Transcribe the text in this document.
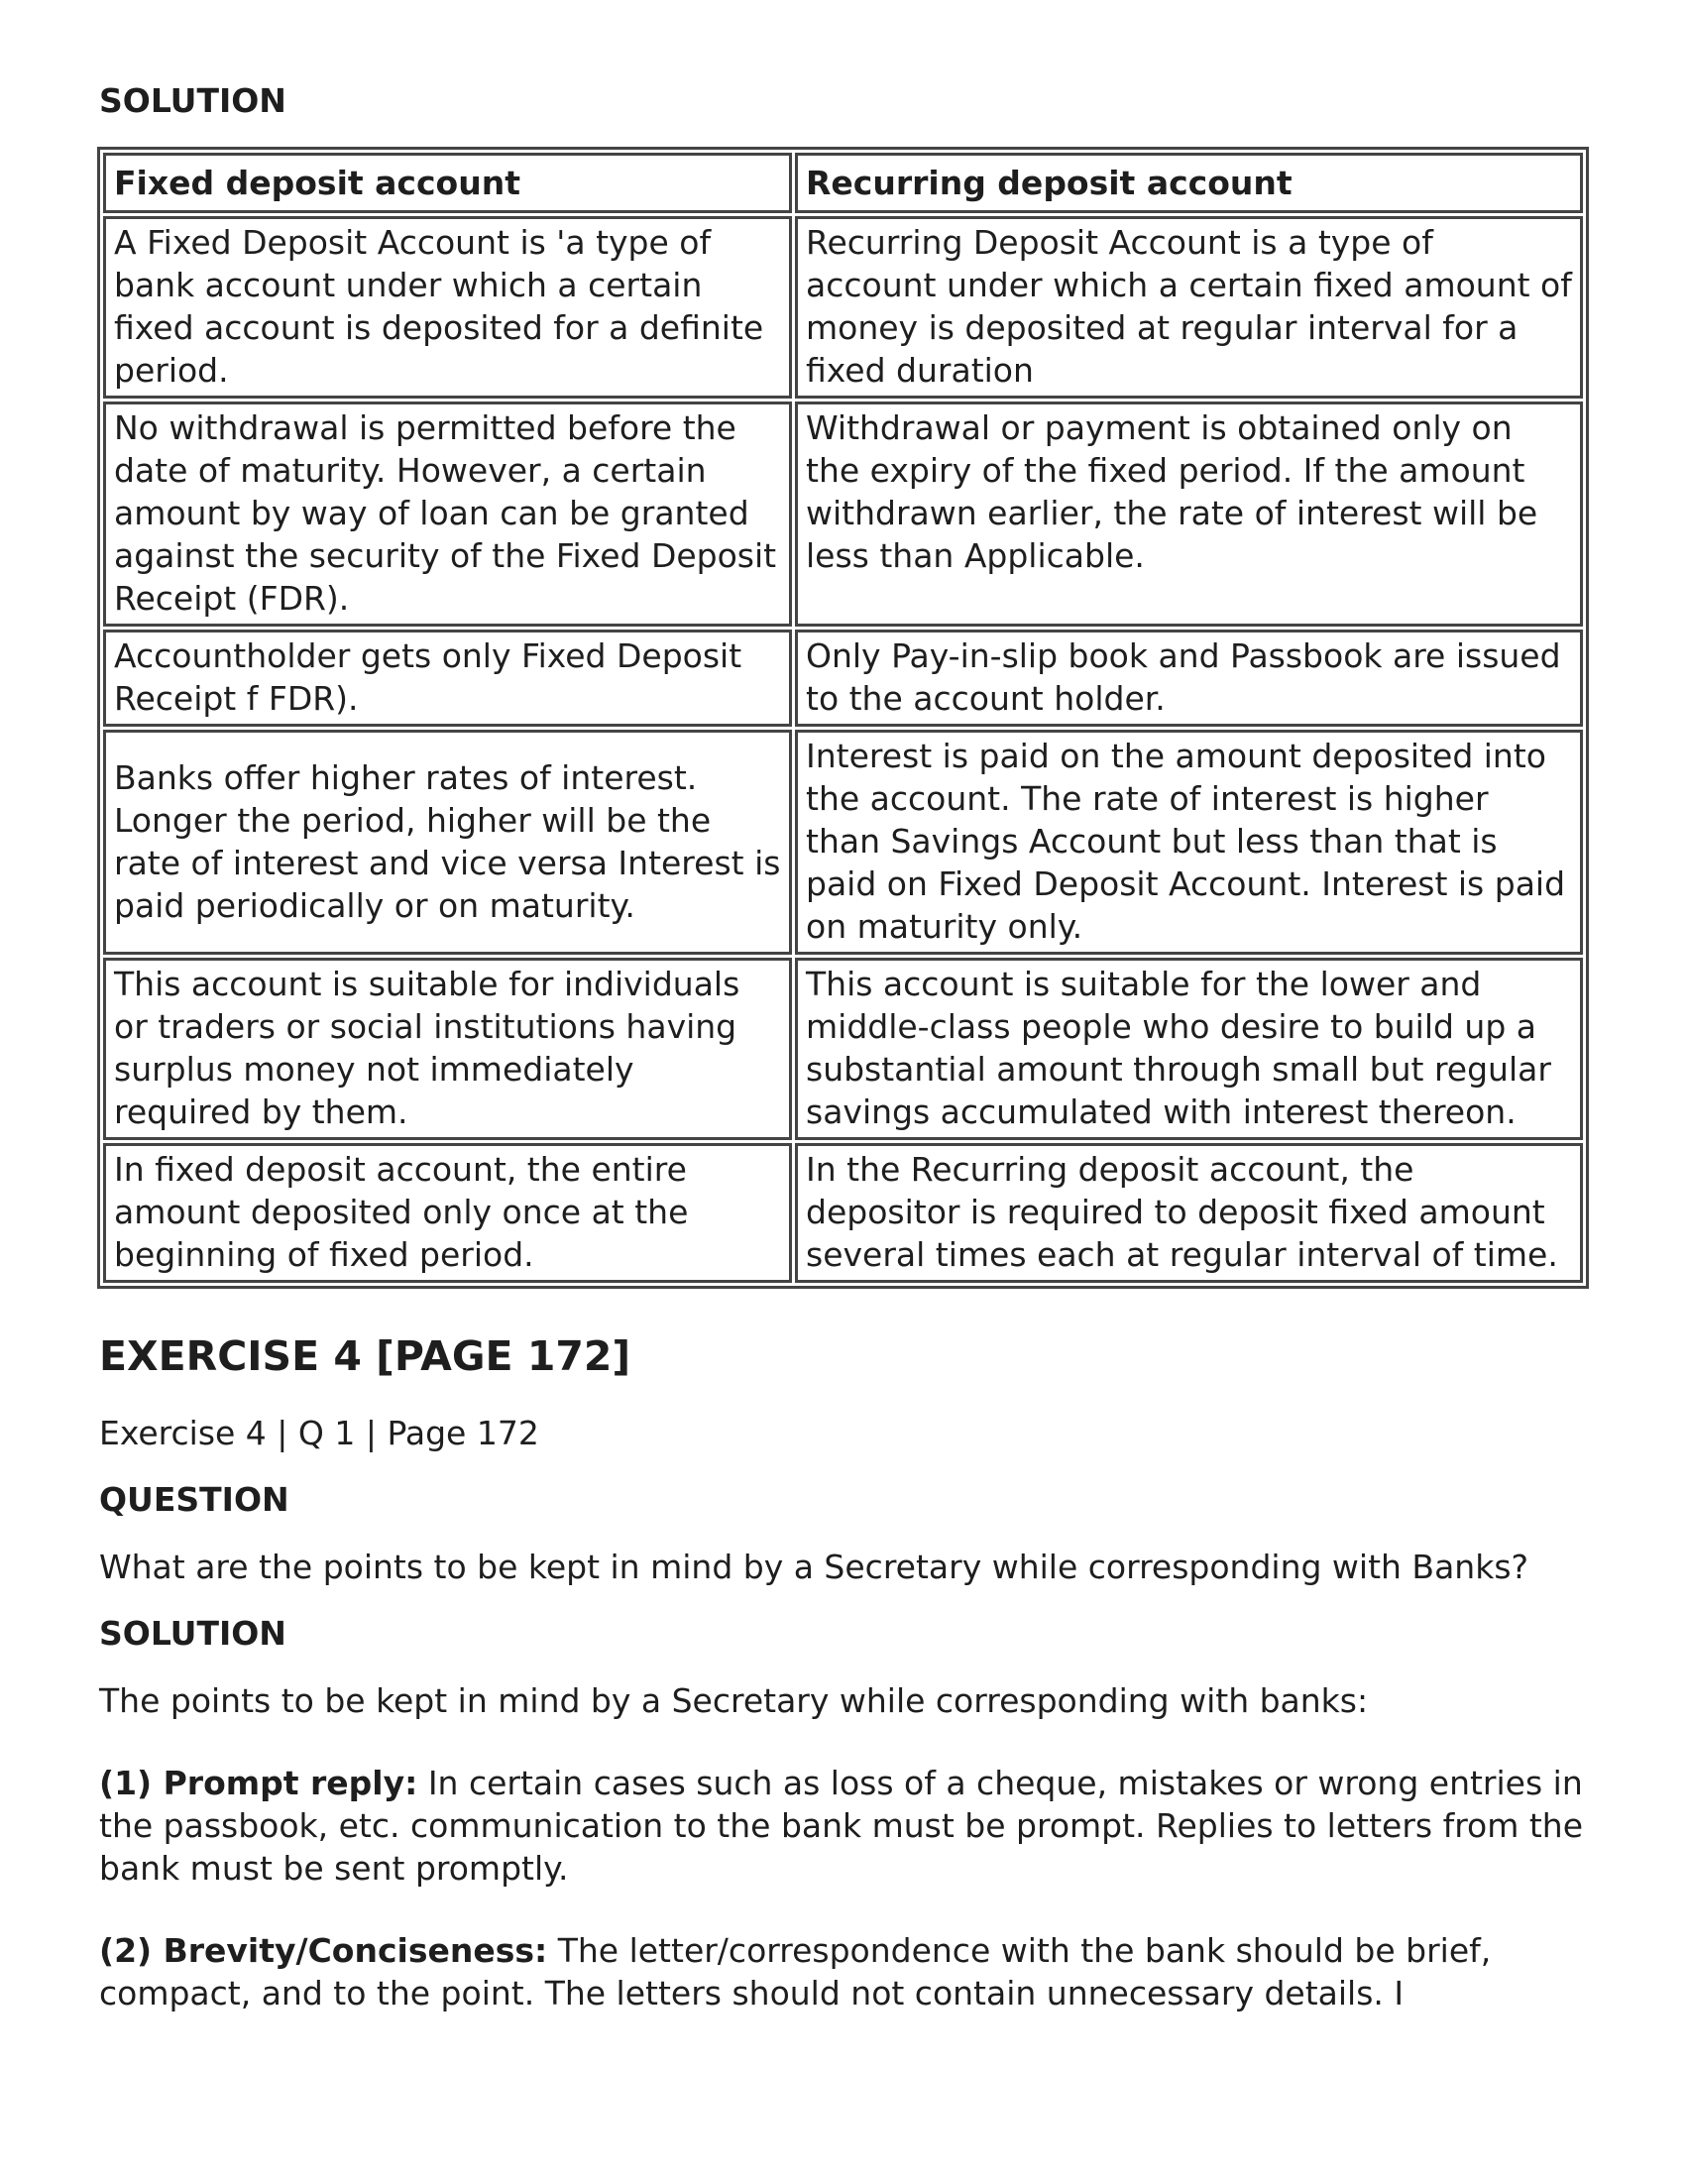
SOLUTION
Fixed deposit account	Recurring deposit account
A Fixed Deposit Account is 'a type of bank account under which a certain fixed account is deposited for a definite period.	Recurring Deposit Account is a type of account under which a certain fixed amount of money is deposited at regular interval for a fixed duration
No withdrawal is permitted before the date of maturity. However, a certain amount by way of loan can be granted against the security of the Fixed Deposit Receipt (FDR).	Withdrawal or payment is obtained only on the expiry of the fixed period. If the amount withdrawn earlier, the rate of interest will be less than Applicable.
Accountholder gets only Fixed Deposit Receipt f FDR).	Only Pay-in-slip book and Passbook are issued to the account holder.
Banks offer higher rates of interest. Longer the period, higher will be the rate of interest and vice versa Interest is paid periodically or on maturity.	Interest is paid on the amount deposited into the account. The rate of interest is higher than Savings Account but less than that is paid on Fixed Deposit Account. Interest is paid on maturity only.
This account is suitable for individuals or traders or social institutions having surplus money not immediately required by them.	This account is suitable for the lower and middle-class people who desire to build up a substantial amount through small but regular savings accumulated with interest thereon.
In fixed deposit account, the entire amount deposited only once at the beginning of fixed period.	In the Recurring deposit account, the depositor is required to deposit fixed amount several times each at regular interval of time.
EXERCISE 4 [PAGE 172]

Exercise 4 | Q 1 | Page 172

QUESTION

What are the points to be kept in mind by a Secretary while corresponding with Banks?

SOLUTION

The points to be kept in mind by a Secretary while corresponding with banks:

(1) Prompt reply: In certain cases such as loss of a cheque, mistakes or wrong entries in the passbook, etc. communication to the bank must be prompt. Replies to letters from the bank must be sent promptly.

(2) Brevity/Conciseness: The letter/correspondence with the bank should be brief, compact, and to the point. The letters should not contain unnecessary details. I
